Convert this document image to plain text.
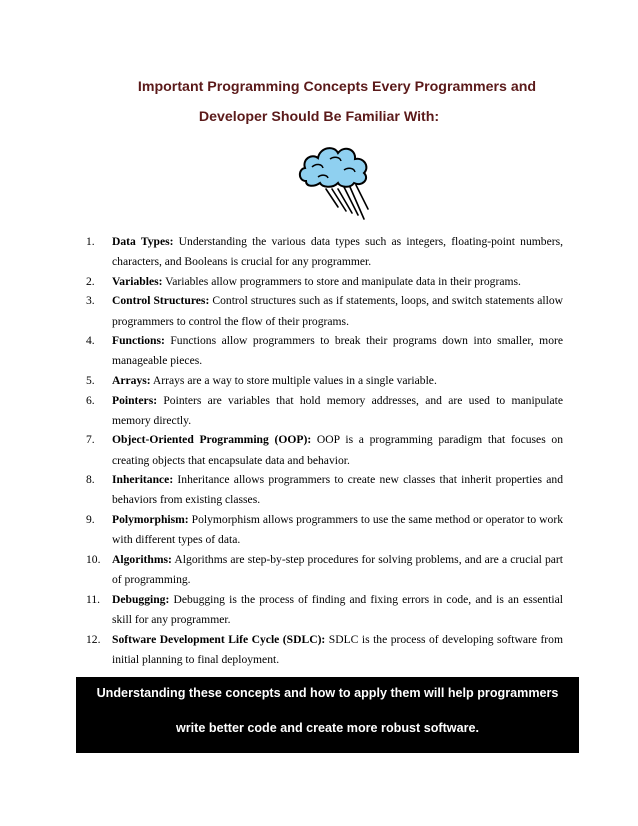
Important Programming Concepts Every Programmers and

Developer Should Be Familiar With:

1. Data Types: Understanding the various data types such as integers, floating-point numbers, characters, and Booleans is crucial for any programmer.
2. Variables: Variables allow programmers to store and manipulate data in their programs.
3. Control Structures: Control structures such as if statements, loops, and switch statements allow programmers to control the flow of their programs.
4. Functions: Functions allow programmers to break their programs down into smaller, more manageable pieces.
5. Arrays: Arrays are a way to store multiple values in a single variable.
6. Pointers: Pointers are variables that hold memory addresses, and are used to manipulate memory directly.
7. Object-Oriented Programming (OOP): OOP is a programming paradigm that focuses on creating objects that encapsulate data and behavior.
8. Inheritance: Inheritance allows programmers to create new classes that inherit properties and behaviors from existing classes.
9. Polymorphism: Polymorphism allows programmers to use the same method or operator to work with different types of data.
10. Algorithms: Algorithms are step-by-step procedures for solving problems, and are a crucial part of programming.
11. Debugging: Debugging is the process of finding and fixing errors in code, and is an essential skill for any programmer.
12. Software Development Life Cycle (SDLC): SDLC is the process of developing software from initial planning to final deployment.
Understanding these concepts and how to apply them will help programmers
write better code and create more robust software.
